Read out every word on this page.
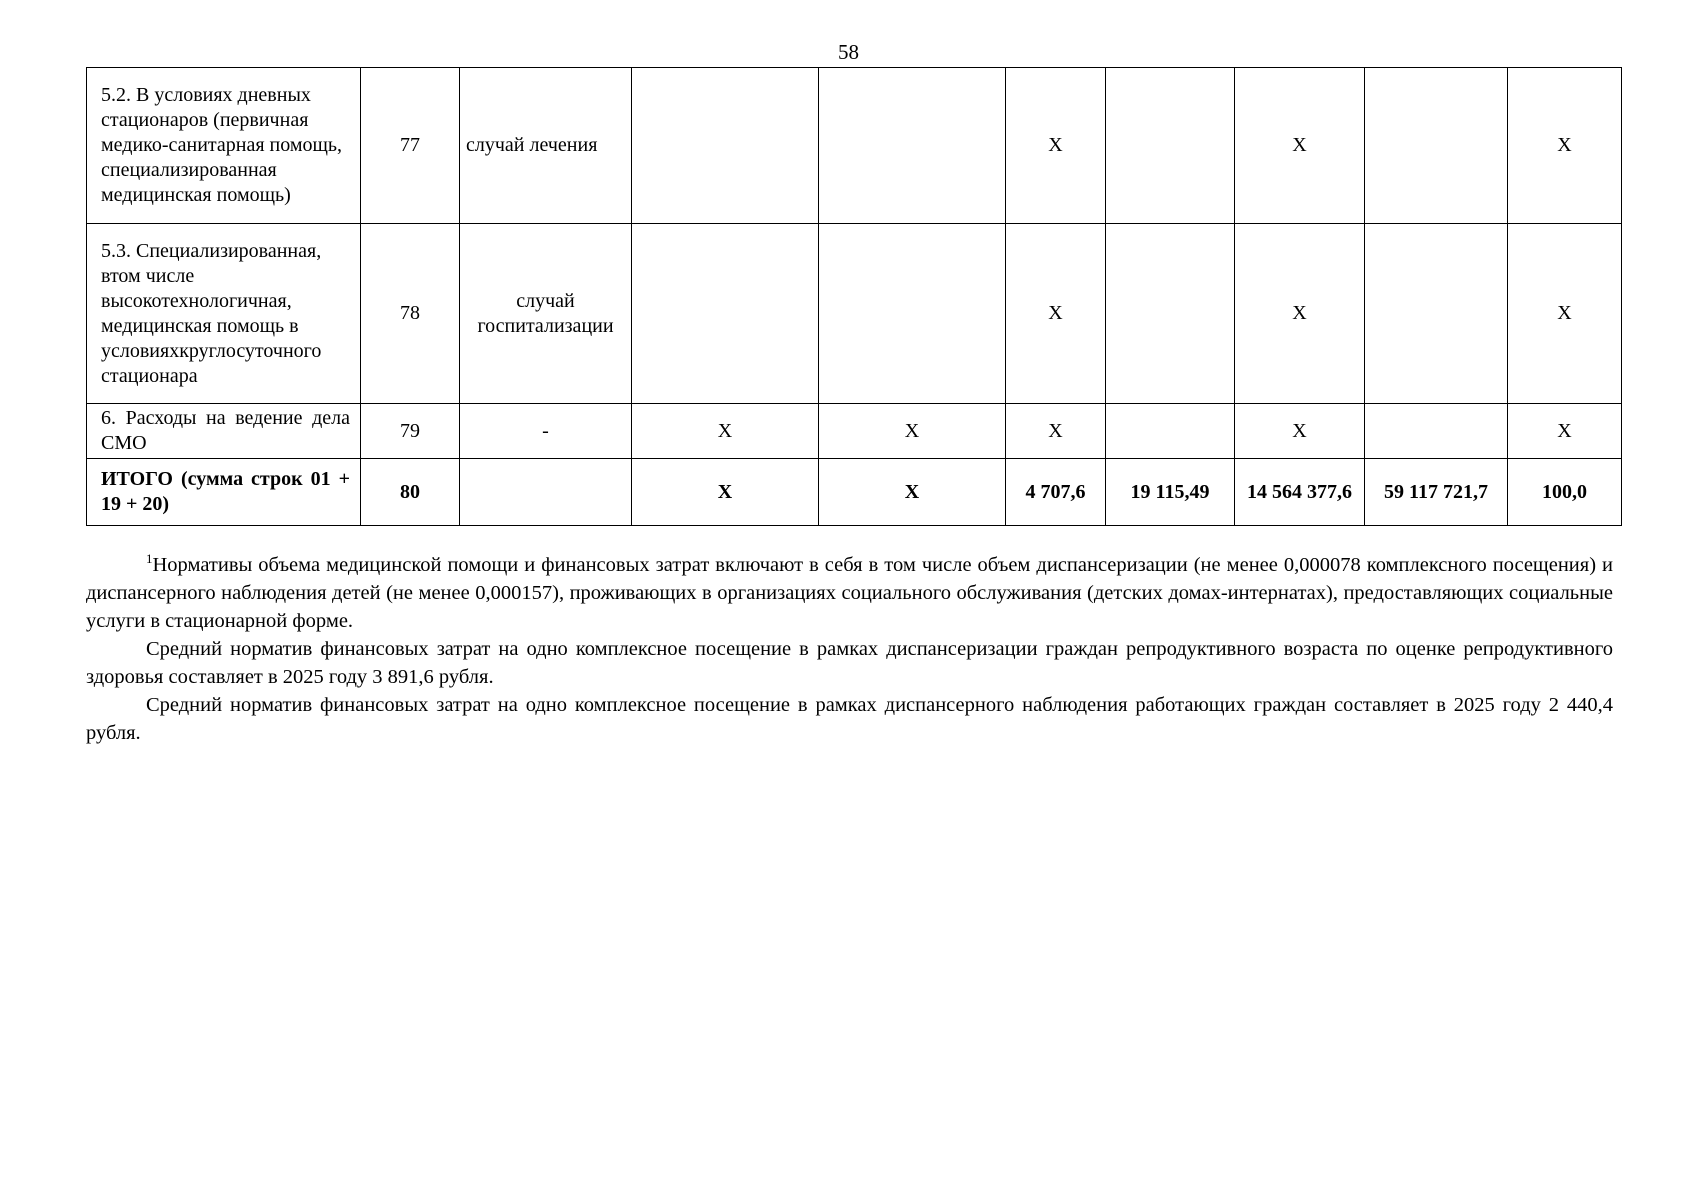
58
5.2. В условиях дневных стационаров (первичная медико-санитарная помощь, специализированная медицинская помощь)	77	случай лечения			Х		Х		Х
5.3. Специализированная, втом числе высокотехнологичная, медицинская помощь в условияхкруглосуточного стационара	78	случай госпитализации			Х		Х		Х
6. Расходы на ведение дела СМО	79	-	Х	Х	Х		Х		Х
ИТОГО (сумма строк 01 + 19 + 20)	80		Х	Х	4 707,6	19 115,49	14 564 377,6	59 117 721,7	100,0

$^1$Нормативы объема медицинской помощи и финансовых затрат включают в себя в том числе объем диспансеризации (не менее 0,000078 комплексного посещения) и диспансерного наблюдения детей (не менее 0,000157), проживающих в организациях социального обслуживания (детских домах-интернатах), предоставляющих социальные услуги в стационарной форме.

Средний норматив финансовых затрат на одно комплексное посещение в рамках диспансеризации граждан репродуктивного возраста по оценке репродуктивного здоровья составляет в 2025 году 3 891,6 рубля.

Средний норматив финансовых затрат на одно комплексное посещение в рамках диспансерного наблюдения работающих граждан составляет в 2025 году 2 440,4 рубля.
